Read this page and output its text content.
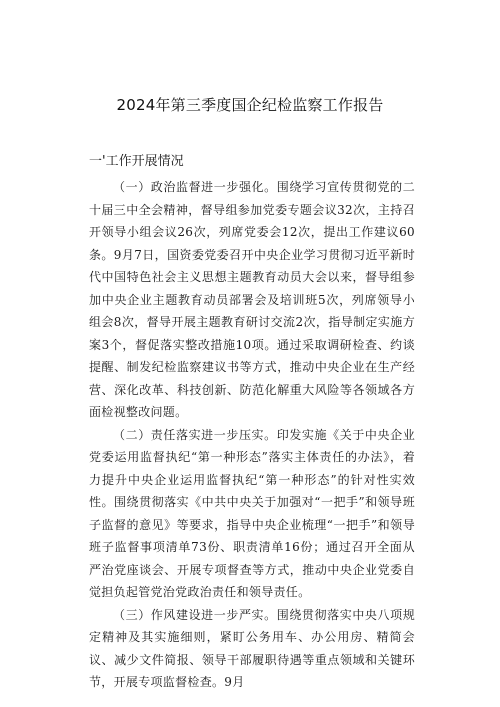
2024年第三季度国企纪检监察工作报告
一'工作开展情况

（一）政治监督进一步强化。围绕学习宣传贯彻党的二十届三中全会精神，督导组参加党委专题会议32次，主持召开领导小组会议26次，列席党委会12次，提出工作建议60条。9月7日，国资委党委召开中央企业学习贯彻习近平新时代中国特色社会主义思想主题教育动员大会以来，督导组参加中央企业主题教育动员部署会及培训班5次，列席领导小组会8次，督导开展主题教育研讨交流2次，指导制定实施方案3个，督促落实整改措施10项。通过采取调研检查、约谈提醒、制发纪检监察建议书等方式，推动中央企业在生产经营、深化改革、科技创新、防范化解重大风险等各领域各方面检视整改问题。

（二）责任落实进一步压实。印发实施《关于中央企业党委运用监督执纪“第一种形态”落实主体责任的办法》，着力提升中央企业运用监督执纪“第一种形态”的针对性实效性。围绕贯彻落实《中共中央关于加强对“一把手”和领导班子监督的意见》等要求，指导中央企业梳理“一把手”和领导班子监督事项清单73份、职责清单16份；通过召开全面从严治党座谈会、开展专项督查等方式，推动中央企业党委自觉担负起管党治党政治责任和领导责任。

（三）作风建设进一步严实。围绕贯彻落实中央八项规定精神及其实施细则，紧盯公务用车、办公用房、精简会议、减少文件简报、领导干部履职待遇等重点领域和关键环节，开展专项监督检查。9月
